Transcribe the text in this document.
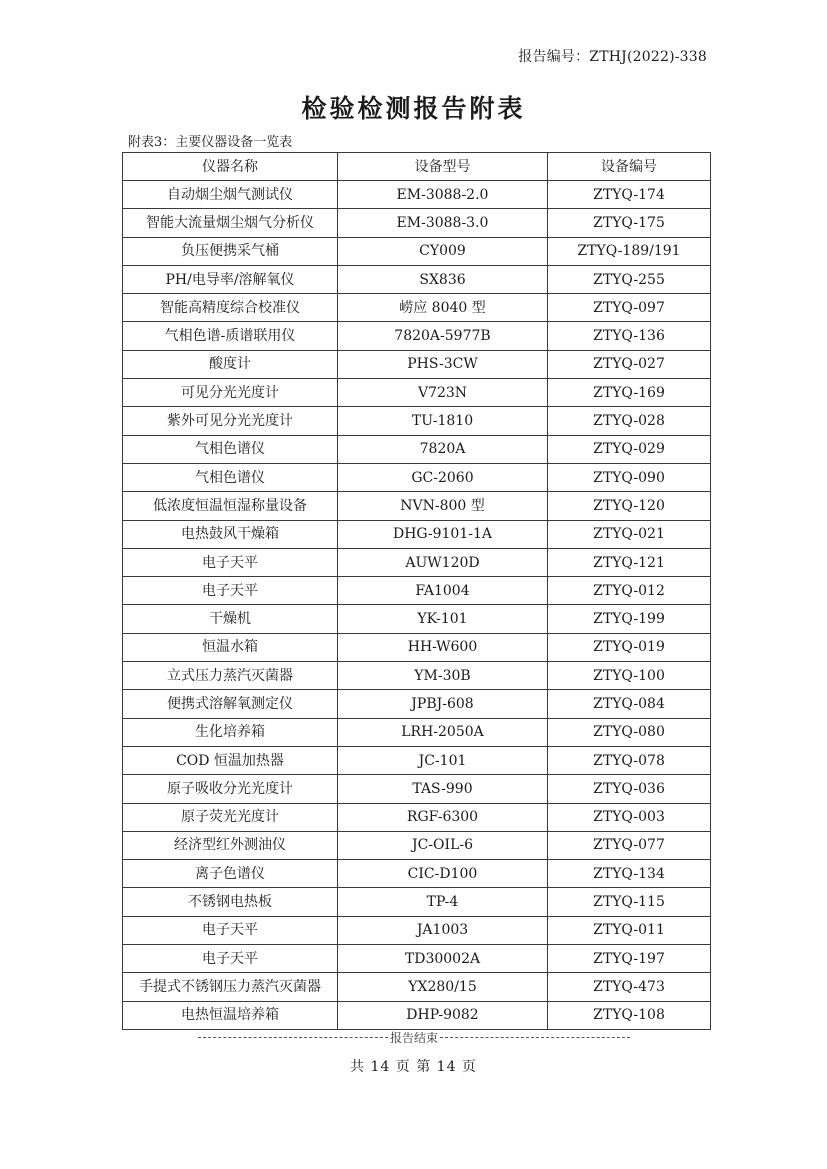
报告编号：ZTHJ(2022)-338
检验检测报告附表
附表3：主要仪器设备一览表
仪器名称	设备型号	设备编号
自动烟尘烟气测试仪	EM-3088-2.0	ZTYQ-174
智能大流量烟尘烟气分析仪	EM-3088-3.0	ZTYQ-175
负压便携采气桶	CY009	ZTYQ-189/191
PH/电导率/溶解氧仪	SX836	ZTYQ-255
智能高精度综合校准仪	崂应 8040 型	ZTYQ-097
气相色谱-质谱联用仪	7820A-5977B	ZTYQ-136
酸度计	PHS-3CW	ZTYQ-027
可见分光光度计	V723N	ZTYQ-169
紫外可见分光光度计	TU-1810	ZTYQ-028
气相色谱仪	7820A	ZTYQ-029
气相色谱仪	GC-2060	ZTYQ-090
低浓度恒温恒湿称量设备	NVN-800 型	ZTYQ-120
电热鼓风干燥箱	DHG-9101-1A	ZTYQ-021
电子天平	AUW120D	ZTYQ-121
电子天平	FA1004	ZTYQ-012
干燥机	YK-101	ZTYQ-199
恒温水箱	HH-W600	ZTYQ-019
立式压力蒸汽灭菌器	YM-30B	ZTYQ-100
便携式溶解氧测定仪	JPBJ-608	ZTYQ-084
生化培养箱	LRH-2050A	ZTYQ-080
COD 恒温加热器	JC-101	ZTYQ-078
原子吸收分光光度计	TAS-990	ZTYQ-036
原子荧光光度计	RGF-6300	ZTYQ-003
经济型红外测油仪	JC-OIL-6	ZTYQ-077
离子色谱仪	CIC-D100	ZTYQ-134
不锈钢电热板	TP-4	ZTYQ-115
电子天平	JA1003	ZTYQ-011
电子天平	TD30002A	ZTYQ-197
手提式不锈钢压力蒸汽灭菌器	YX280/15	ZTYQ-473
电热恒温培养箱	DHP-9082	ZTYQ-108
报告结束
共 14 页 第 14 页
